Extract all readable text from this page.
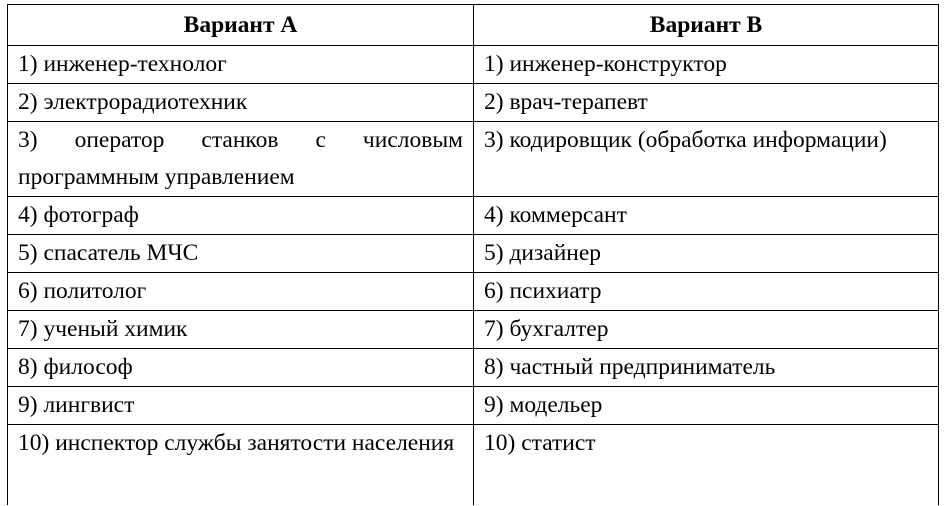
Вариант А	Вариант В
1) инженер-технолог	1) инженер-конструктор
2) электрорадиотехник	2) врач-терапевт
3) оператор станков с числовым программным управлением	3) кодировщик (обработка информации)
4) фотограф	4) коммерсант
5) спасатель МЧС	5) дизайнер
6) политолог	6) психиатр
7) ученый химик	7) бухгалтер
8) философ	8) частный предприниматель
9) лингвист	9) модельер
10) инспектор службы занятости населения	10) статист
